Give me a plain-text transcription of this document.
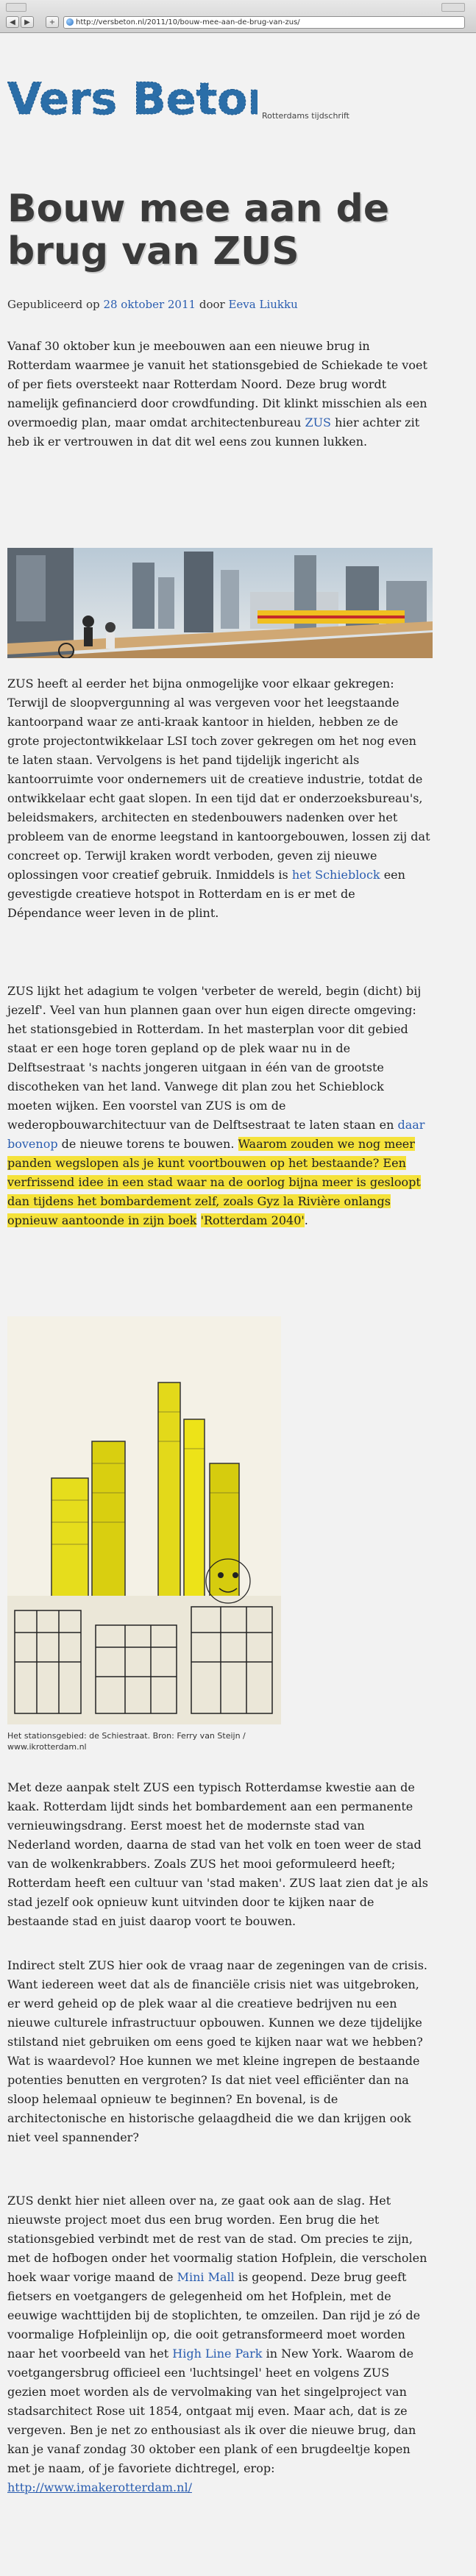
◀	▶	+	http://versbeton.nl/2011/10/bouw-mee-aan-de-brug-van-zus/
Vers Beton
Rotterdams tijdschrift
Bouw mee aan de brug van ZUS
Gepubliceerd op 28 oktober 2011 door Eeva Liukku
Vanaf 30 oktober kun je meebouwen aan een nieuwe brug in Rotterdam waarmee je vanuit het stationsgebied de Schiekade te voet of per fiets oversteekt naar Rotterdam Noord. Deze brug wordt namelijk gefinancierd door crowdfunding. Dit klinkt misschien als een overmoedig plan, maar omdat architectenbureau ZUS hier achter zit heb ik er vertrouwen in dat dit wel eens zou kunnen lukken.
ZUS heeft al eerder het bijna onmogelijke voor elkaar gekregen: Terwijl de sloopvergunning al was vergeven voor het leegstaande kantoorpand waar ze anti-kraak kantoor in hielden, hebben ze de grote projectontwikkelaar LSI toch zover gekregen om het nog even te laten staan. Vervolgens is het pand tijdelijk ingericht als kantoorruimte voor ondernemers uit de creatieve industrie, totdat de ontwikkelaar echt gaat slopen. In een tijd dat er onderzoeksbureau's, beleidsmakers, architecten en stedenbouwers nadenken over het probleem van de enorme leegstand in kantoorgebouwen, lossen zij dat concreet op. Terwijl kraken wordt verboden, geven zij nieuwe oplossingen voor creatief gebruik. Inmiddels is het Schieblock een gevestigde creatieve hotspot in Rotterdam en is er met de Dépendance weer leven in de plint.
ZUS lijkt het adagium te volgen 'verbeter de wereld, begin (dicht) bij jezelf'. Veel van hun plannen gaan over hun eigen directe omgeving: het stationsgebied in Rotterdam. In het masterplan voor dit gebied staat er een hoge toren gepland op de plek waar nu in de Delftsestraat 's nachts jongeren uitgaan in één van de grootste discotheken van het land. Vanwege dit plan zou het Schieblock moeten wijken. Een voorstel van ZUS is om de wederopbouwarchitectuur van de Delftsestraat te laten staan en daar bovenop de nieuwe torens te bouwen. Waarom zouden we nog meer panden wegslopen als je kunt voortbouwen op het bestaande? Een verfrissend idee in een stad waar na de oorlog bijna meer is gesloopt dan tijdens het bombardement zelf, zoals Gyz la Rivière onlangs opnieuw aantoonde in zijn boek 'Rotterdam 2040'.
Het stationsgebied: de Schiestraat. Bron: Ferry van Steijn / www.ikrotterdam.nl
Met deze aanpak stelt ZUS een typisch Rotterdamse kwestie aan de kaak. Rotterdam lijdt sinds het bombardement aan een permanente vernieuwingsdrang. Eerst moest het de modernste stad van Nederland worden, daarna de stad van het volk en toen weer de stad van de wolkenkrabbers. Zoals ZUS het mooi geformuleerd heeft; Rotterdam heeft een cultuur van 'stad maken'. ZUS laat zien dat je als stad jezelf ook opnieuw kunt uitvinden door te kijken naar de bestaande stad en juist daarop voort te bouwen.
Indirect stelt ZUS hier ook de vraag naar de zegeningen van de crisis. Want iedereen weet dat als de financiële crisis niet was uitgebroken, er werd geheid op de plek waar al die creatieve bedrijven nu een nieuwe culturele infrastructuur opbouwen. Kunnen we deze tijdelijke stilstand niet gebruiken om eens goed te kijken naar wat we hebben? Wat is waardevol? Hoe kunnen we met kleine ingrepen de bestaande potenties benutten en vergroten? Is dat niet veel efficiënter dan na sloop helemaal opnieuw te beginnen? En bovenal, is de architectonische en historische gelaagdheid die we dan krijgen ook niet veel spannender?
ZUS denkt hier niet alleen over na, ze gaat ook aan de slag. Het nieuwste project moet dus een brug worden. Een brug die het stationsgebied verbindt met de rest van de stad. Om precies te zijn, met de hofbogen onder het voormalig station Hofplein, die verscholen hoek waar vorige maand de Mini Mall is geopend. Deze brug geeft fietsers en voetgangers de gelegenheid om het Hofplein, met de eeuwige wachttijden bij de stoplichten, te omzeilen. Dan rijd je zó de voormalige Hofpleinlijn op, die ooit getransformeerd moet worden naar het voorbeeld van het High Line Park in New York. Waarom de voetgangersbrug officieel een 'luchtsingel' heet en volgens ZUS gezien moet worden als de vervolmaking van het singelproject van stadsarchitect Rose uit 1854, ontgaat mij even. Maar ach, dat is ze vergeven. Ben je net zo enthousiast als ik over die nieuwe brug, dan kan je vanaf zondag 30 oktober een plank of een brugdeeltje kopen met je naam, of je favoriete dichtregel, erop: http://www.imakerotterdam.nl/
